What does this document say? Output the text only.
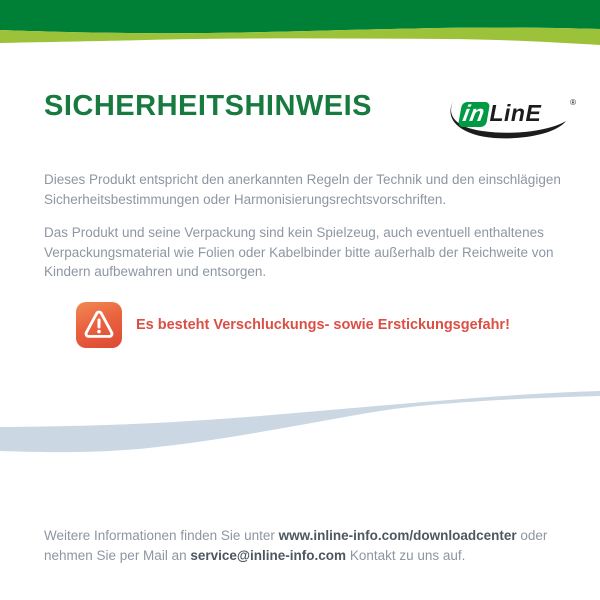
SICHERHEITSHINWEIS	in LinE	®

Dieses Produkt entspricht den anerkannten Regeln der Technik und den einschlägigen Sicherheitsbestimmungen oder Harmonisierungsrechtsvorschriften.

Das Produkt und seine Verpackung sind kein Spielzeug, auch eventuell enthaltenes Verpackungsmaterial wie Folien oder Kabelbinder bitte außerhalb der Reichweite von Kindern aufbewahren und entsorgen.

Es besteht Verschluckungs- sowie Erstickungsgefahr!

Weitere Informationen finden Sie unter www.inline-info.com/downloadcenter oder nehmen Sie per Mail an service@inline-info.com Kontakt zu uns auf.
